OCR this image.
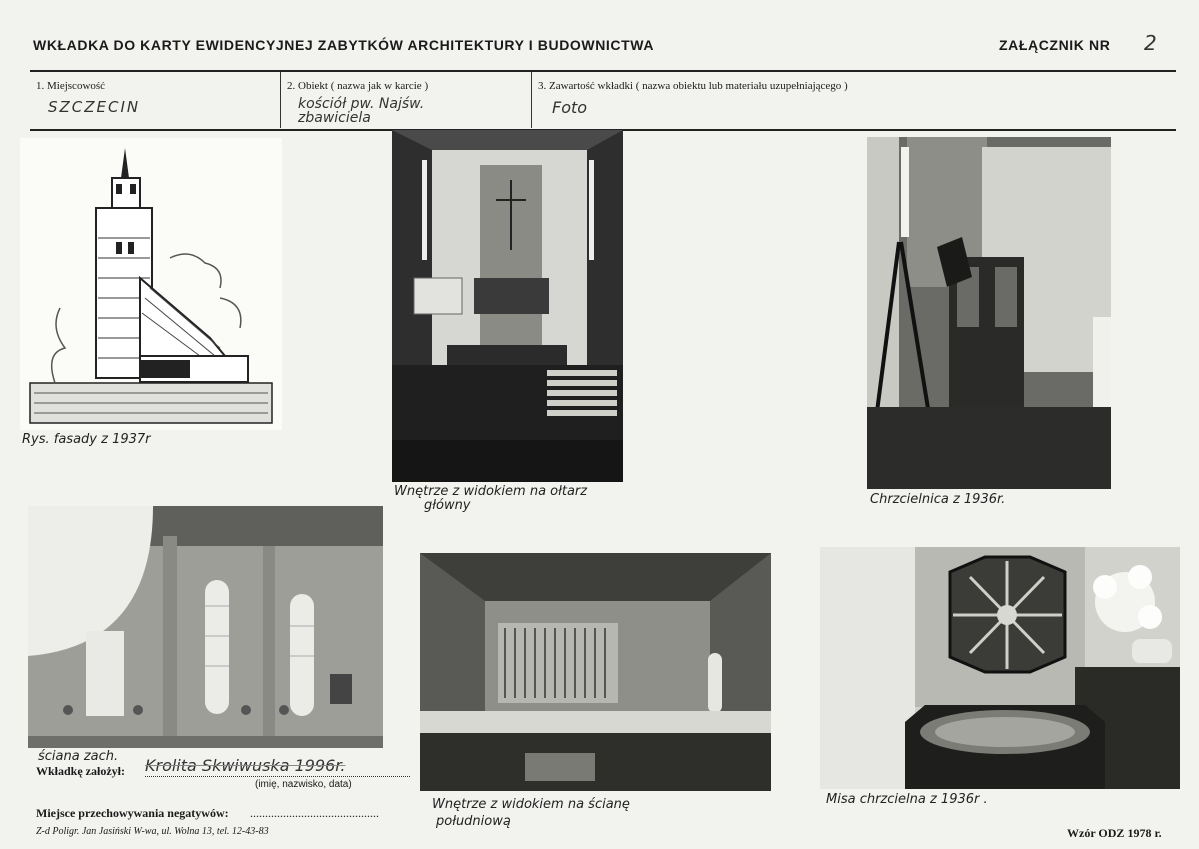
WKŁADKA DO KARTY EWIDENCYJNEJ ZABYTKÓW ARCHITEKTURY I BUDOWNICTWA	ZAŁĄCZNIK NR 2
1. Miejscowość
SZCZECIN
2. Obiekt ( nazwa jak w karcie )
kościół pw. Najśw.
zbawiciela
3. Zawartość wkładki ( nazwa obiektu lub materiału uzupełniającego )
Foto
Rys. fasady z 1937r
Wnętrze z widokiem na ołtarz
główny	Chrzcielnica z 1936r.
ściana zach.
Wnętrze z widokiem na ścianę
południową
Misa chrzcielna z 1936r .
Wkładkę założył: Krolita Skwiwuska 1996r.
(imię, nazwisko, data)
Miejsce przechowywania negatywów: ...........................................
Z-d Poligr. Jan Jasiński W-wa, ul. Wolna 13, tel. 12-43-83	Wzór ODZ 1978 r.
